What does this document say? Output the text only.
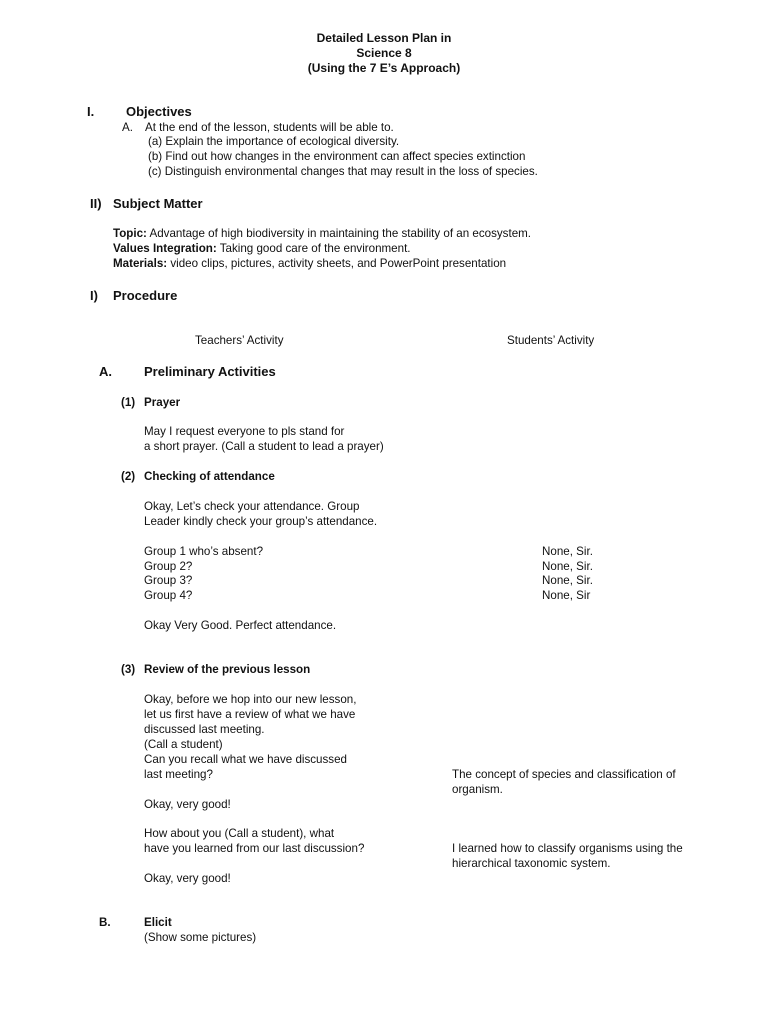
Detailed Lesson Plan in
Science 8
(Using the 7 E’s Approach)
I. Objectives
A. At the end of the lesson, students will be able to.
(a) Explain the importance of ecological diversity.
(b) Find out how changes in the environment can affect species extinction
(c) Distinguish environmental changes that may result in the loss of species.
II) Subject Matter
Topic: Advantage of high biodiversity in maintaining the stability of an ecosystem.
Values Integration: Taking good care of the environment.
Materials: video clips, pictures, activity sheets, and PowerPoint presentation
I) Procedure
Teachers’ Activity	Students’ Activity
A. Preliminary Activities
(1) Prayer
May I request everyone to pls stand for
a short prayer. (Call a student to lead a prayer)
(2) Checking of attendance
Okay, Let’s check your attendance. Group
Leader kindly check your group’s attendance.
Group 1 who’s absent?	None, Sir.
Group 2?	None, Sir.
Group 3?	None, Sir.
Group 4?	None, Sir
Okay Very Good. Perfect attendance.
(3) Review of the previous lesson
Okay, before we hop into our new lesson,
let us first have a review of what we have
discussed last meeting.
(Call a student)
Can you recall what we have discussed
last meeting?	The concept of species and classification of
organism.
Okay, very good!
How about you (Call a student), what
have you learned from our last discussion?	I learned how to classify organisms using the
hierarchical taxonomic system.
Okay, very good!
B.	Elicit
(Show some pictures)
